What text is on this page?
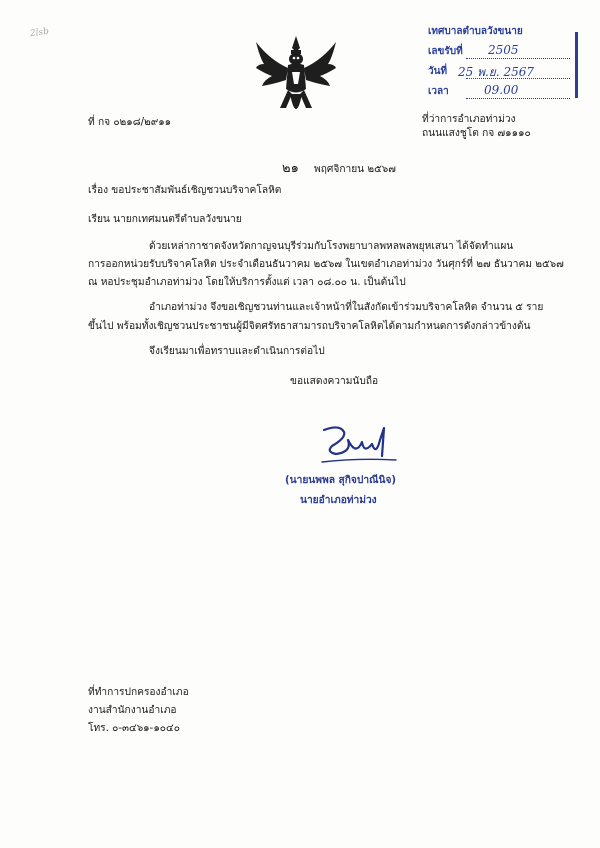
2lsb	เทศบาลตำบลวังขนาย
เลขรับที่ 2505
วันที่ 25 พ.ย. 2567
เวลา	09.00
ที่ กจ ๐๒๑๘/๒๙๑๑	ที่ว่าการอำเภอท่าม่วง
ถนนแสงชูโต กจ ๗๑๑๑๐
๒๑ พฤศจิกายน ๒๕๖๗
เรื่อง ขอประชาสัมพันธ์เชิญชวนบริจาคโลหิต
เรียน นายกเทศมนตรีตำบลวังขนาย
ด้วยเหล่ากาชาดจังหวัดกาญจนบุรีร่วมกับโรงพยาบาลพหลพลพยุหเสนา ได้จัดทำแผน
การออกหน่วยรับบริจาคโลหิต ประจำเดือนธันวาคม ๒๕๖๗ ในเขตอำเภอท่าม่วง วันศุกร์ที่ ๒๗ ธันวาคม ๒๕๖๗
ณ หอประชุมอำเภอท่าม่วง โดยให้บริการตั้งแต่ เวลา ๐๘.๐๐ น. เป็นต้นไป
อำเภอท่าม่วง จึงขอเชิญชวนท่านและเจ้าหน้าที่ในสังกัดเข้าร่วมบริจาคโลหิต จำนวน ๕ ราย
ขึ้นไป พร้อมทั้งเชิญชวนประชาชนผู้มีจิตศรัทธาสามารถบริจาคโลหิตได้ตามกำหนดการดังกล่าวข้างต้น
จึงเรียนมาเพื่อทราบและดำเนินการต่อไป
ขอแสดงความนับถือ
(นายนพพล สุกิจปาณีนิจ)
นายอำเภอท่าม่วง
ที่ทำการปกครองอำเภอ
งานสำนักงานอำเภอ
โทร. ๐-๓๔๖๑-๑๐๔๐
